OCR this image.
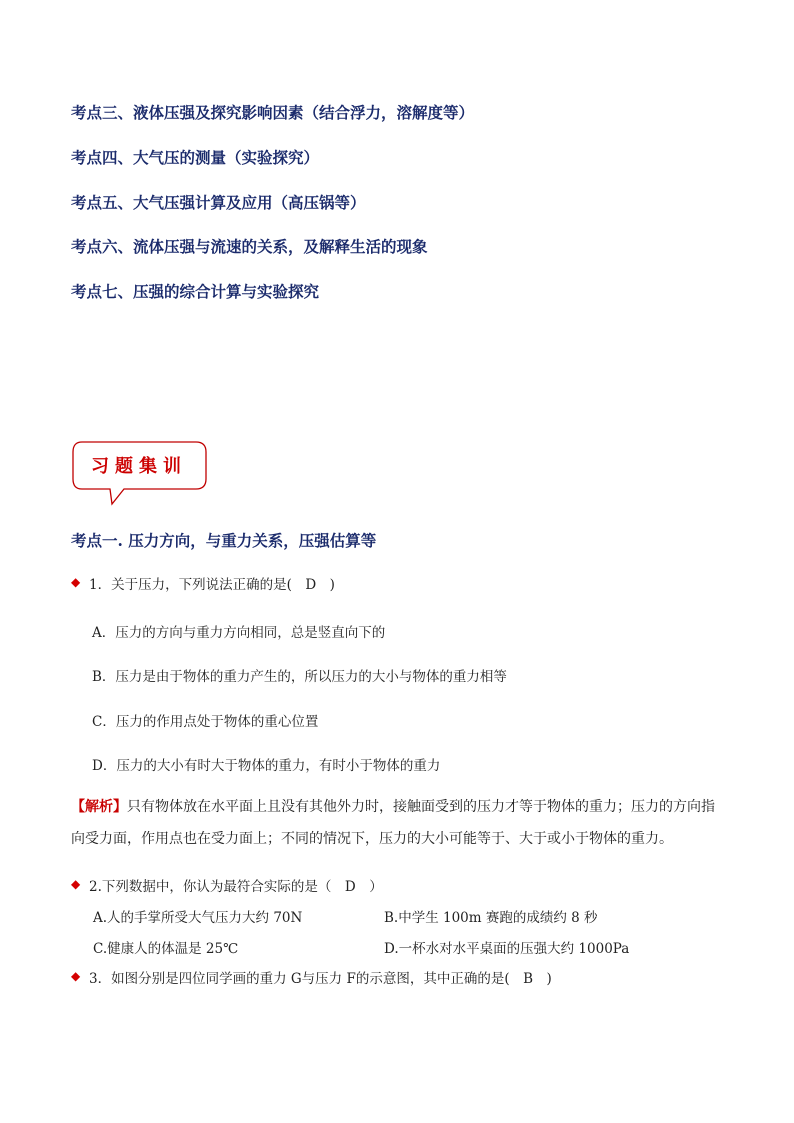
考点三、液体压强及探究影响因素（结合浮力，溶解度等）
考点四、大气压的测量（实验探究）
考点五、大气压强计算及应用（高压锅等）
考点六、流体压强与流速的关系，及解释生活的现象
考点七、压强的综合计算与实验探究
习题集训
考点一. 压力方向，与重力关系，压强估算等
◆ 1．关于压力，下列说法正确的是(　D　)
A．压力的方向与重力方向相同，总是竖直向下的
B．压力是由于物体的重力产生的，所以压力的大小与物体的重力相等
C．压力的作用点处于物体的重心位置
D．压力的大小有时大于物体的重力，有时小于物体的重力
【解析】只有物体放在水平面上且没有其他外力时，接触面受到的压力才等于物体的重力；压力的方向指
向受力面，作用点也在受力面上；不同的情况下，压力的大小可能等于、大于或小于物体的重力。
◆ 2.下列数据中，你认为最符合实际的是（　D　）
A.人的手掌所受大气压力大约 70N	B.中学生 100m 赛跑的成绩约 8 秒
C.健康人的体温是 25℃	D.一杯水对水平桌面的压强大约 1000Pa
◆ 3．如图分别是四位同学画的重力 G与压力 F的示意图，其中正确的是(　B　)
